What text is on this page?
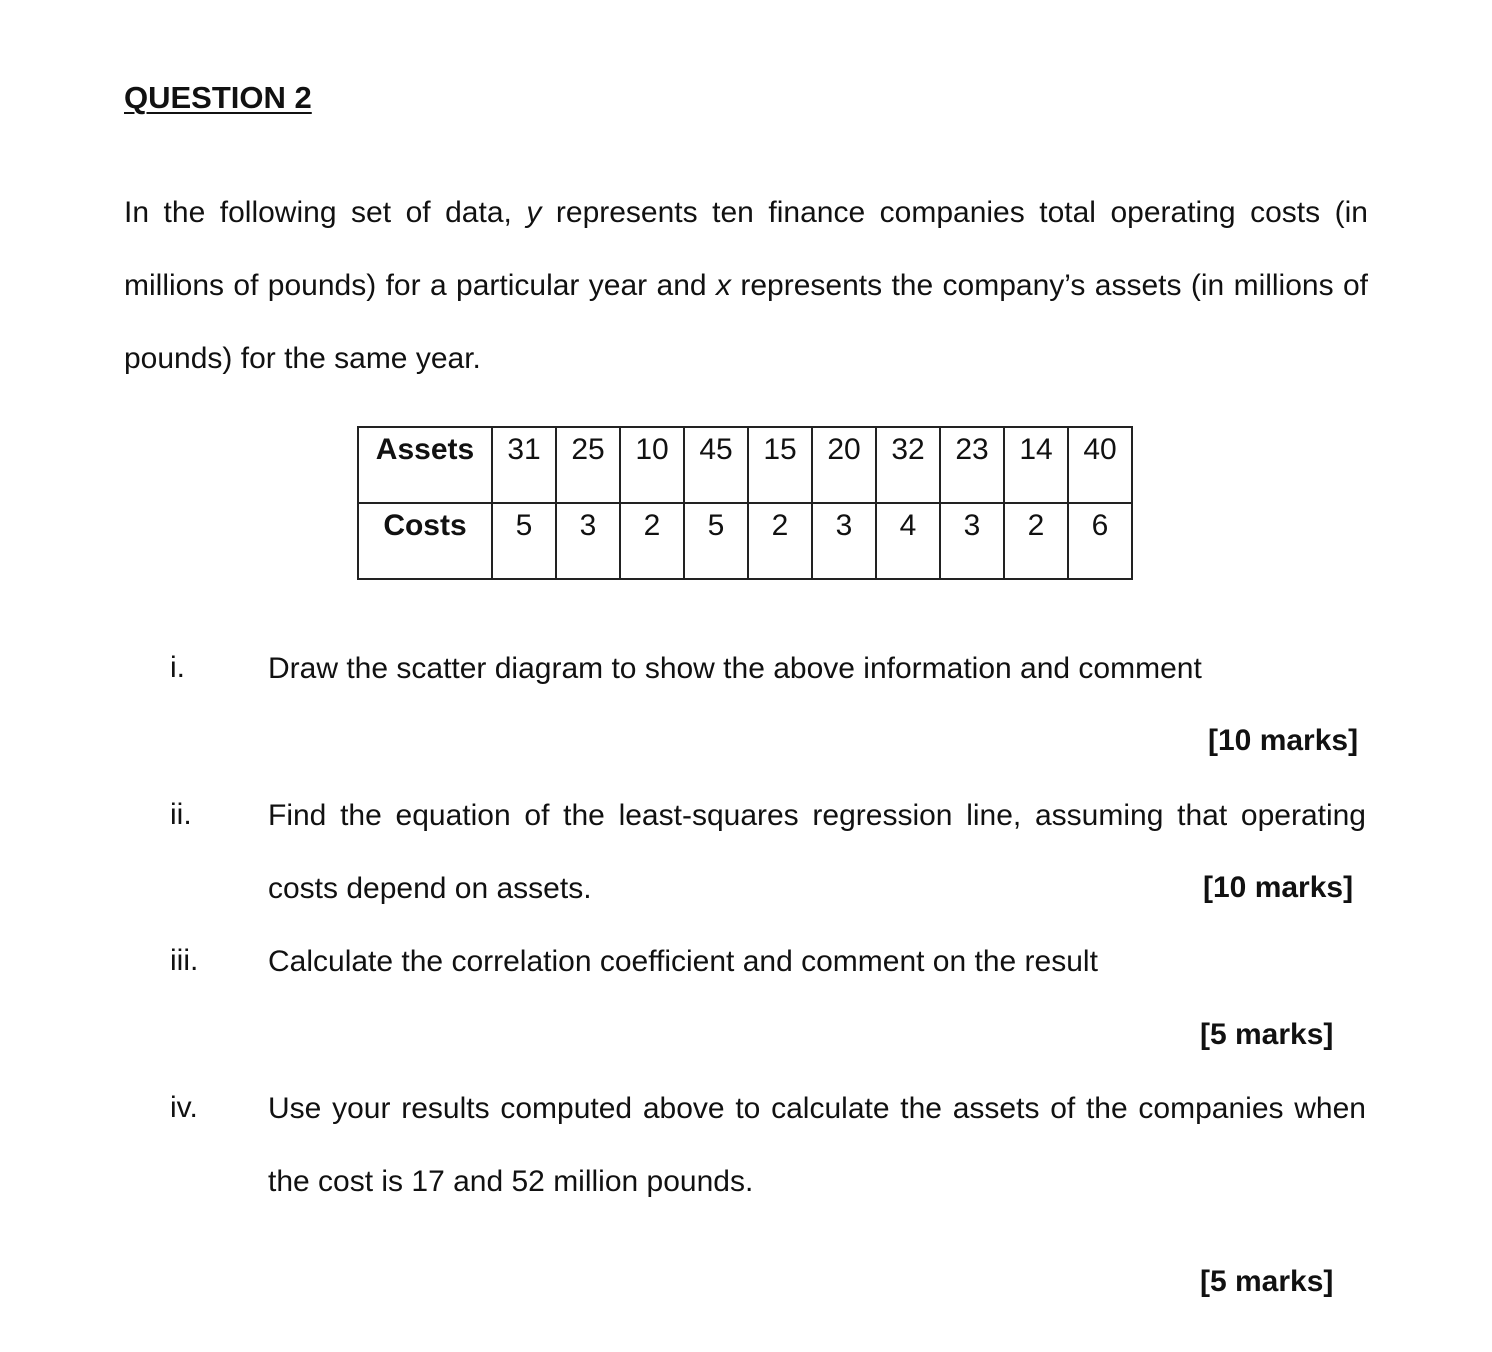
QUESTION 2

In the following set of data, y represents ten finance companies total operating costs (in millions of pounds) for a particular year and x represents the company’s assets (in millions of pounds) for the same year.

Assets	31	25	10	45	15	20	32	23	14	40
Costs	5	3	2	5	2	3	4	3	2	6
i.	Draw the scatter diagram to show the above information and comment

[10 marks]
ii.	Find the equation of the least-squares regression line, assuming that operating costs depend on assets.	[10 marks]
iii. Calculate the correlation coefficient and comment on the result

[5 marks]
iv. Use your results computed above to calculate the assets of the companies when the cost is 17 and 52 million pounds.

[5 marks]
